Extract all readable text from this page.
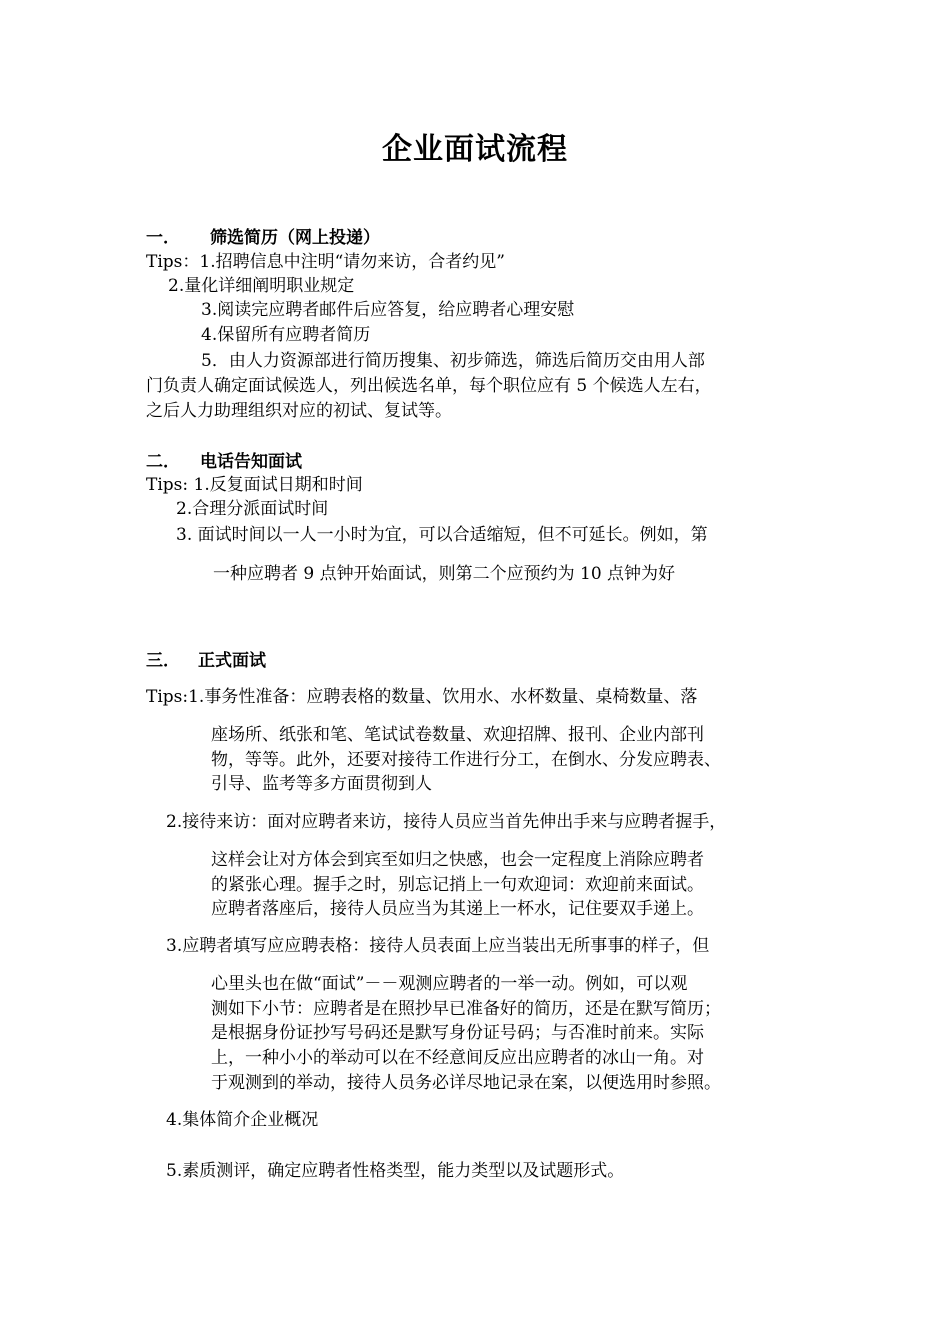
企业面试流程
一． 筛选简历（网上投递）
Tips：1.招聘信息中注明“请勿来访，合者约见”
2.量化详细阐明职业规定
3.阅读完应聘者邮件后应答复，给应聘者心理安慰
4.保留所有应聘者简历
5．由人力资源部进行简历搜集、初步筛选，筛选后简历交由用人部
门负责人确定面试候选人，列出候选名单，每个职位应有 5 个候选人左右，
之后人力助理组织对应的初试、复试等。
二． 电话告知面试
Tips: 1.反复面试日期和时间
2.合理分派面试时间
3. 面试时间以一人一小时为宜，可以合适缩短，但不可延长。例如，第
一种应聘者 9 点钟开始面试，则第二个应预约为 10 点钟为好
三． 正式面试
Tips:1.事务性准备：应聘表格的数量、饮用水、水杯数量、桌椅数量、落
座场所、纸张和笔、笔试试卷数量、欢迎招牌、报刊、企业内部刊
物，等等。此外，还要对接待工作进行分工，在倒水、分发应聘表、
引导、监考等多方面贯彻到人
2.接待来访：面对应聘者来访，接待人员应当首先伸出手来与应聘者握手，
这样会让对方体会到宾至如归之快感，也会一定程度上消除应聘者
的紧张心理。握手之时，别忘记捎上一句欢迎词：欢迎前来面试。
应聘者落座后，接待人员应当为其递上一杯水，记住要双手递上。
3.应聘者填写应应聘表格：接待人员表面上应当装出无所事事的样子，但
心里头也在做“面试”－－观测应聘者的一举一动。例如，可以观
测如下小节：应聘者是在照抄早已准备好的简历，还是在默写简历；
是根据身份证抄写号码还是默写身份证号码；与否准时前来。实际
上，一种小小的举动可以在不经意间反应出应聘者的冰山一角。对
于观测到的举动，接待人员务必详尽地记录在案，以便选用时参照。
4.集体简介企业概况
5.素质测评，确定应聘者性格类型，能力类型以及试题形式。
